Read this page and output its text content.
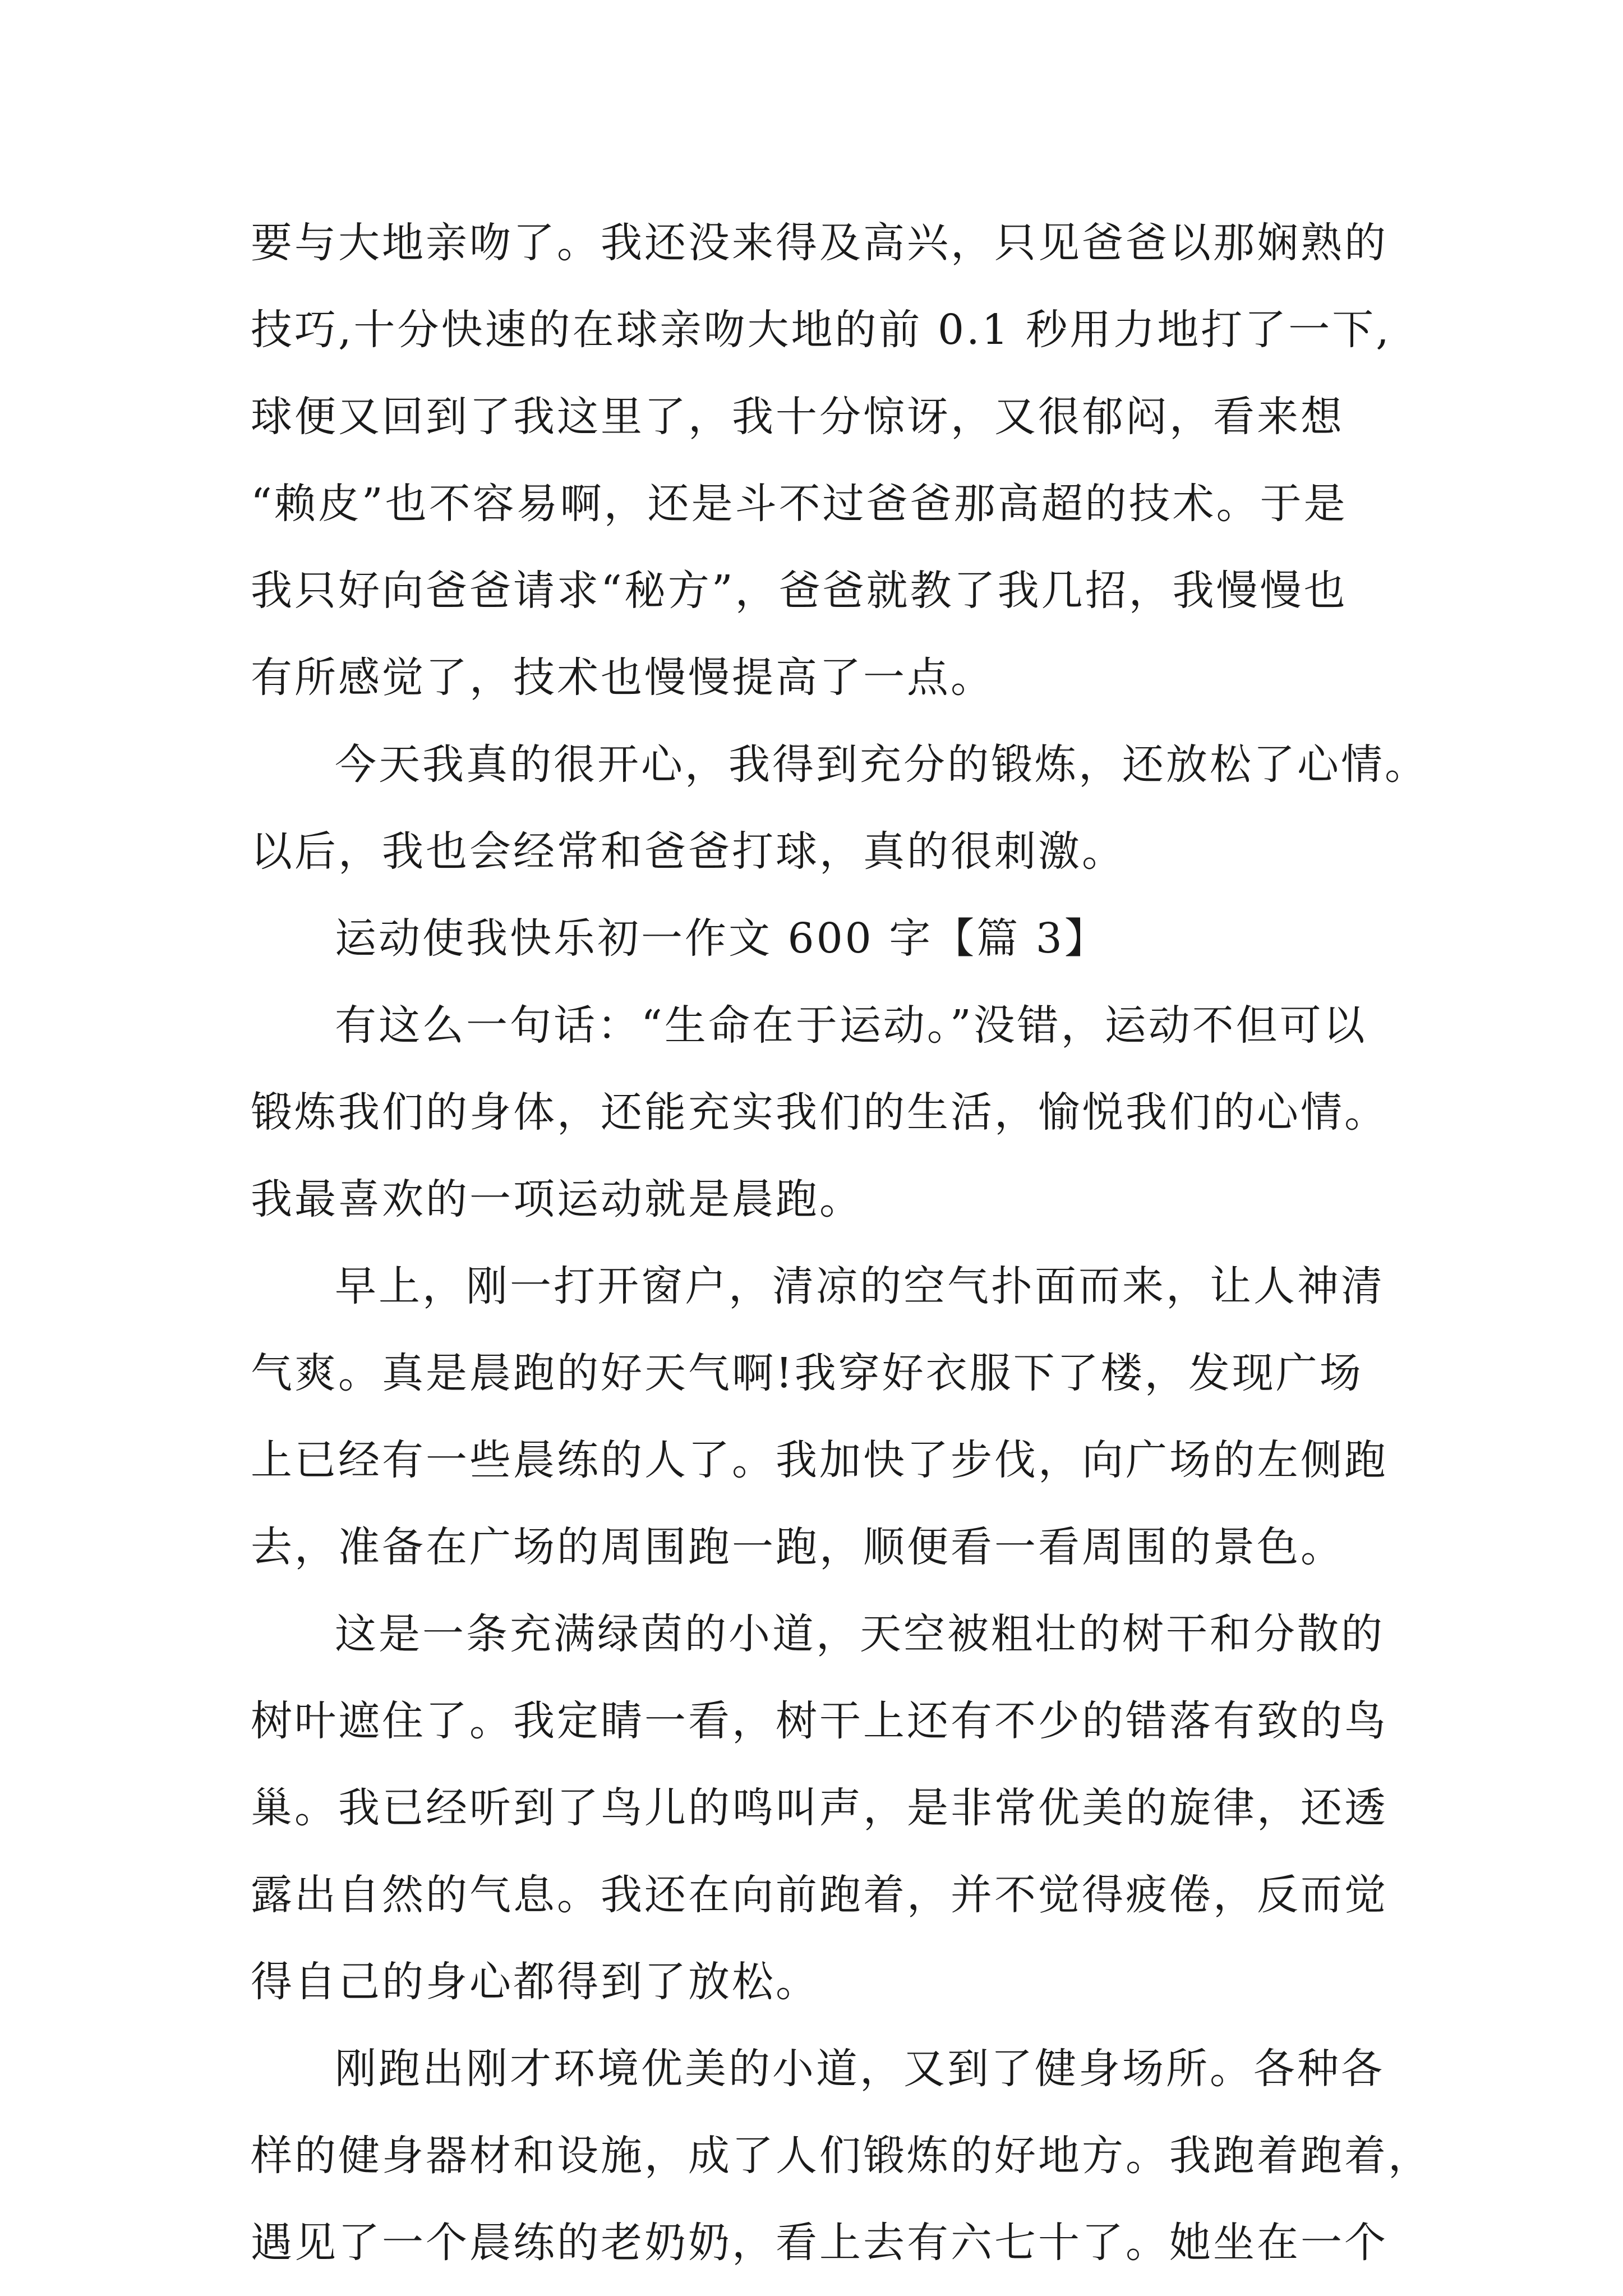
要与大地亲吻了。我还没来得及高兴，只见爸爸以那娴熟的
技巧,十分快速的在球亲吻大地的前 0.1 秒用力地打了一下,
球便又回到了我这里了，我十分惊讶，又很郁闷，看来想
“赖皮”也不容易啊，还是斗不过爸爸那高超的技术。于是
我只好向爸爸请求“秘方”，爸爸就教了我几招，我慢慢也
有所感觉了，技术也慢慢提高了一点。
今天我真的很开心，我得到充分的锻炼，还放松了心情。
以后，我也会经常和爸爸打球，真的很刺激。
运动使我快乐初一作文 600 字【篇 3】
有这么一句话：“生命在于运动。”没错，运动不但可以
锻炼我们的身体，还能充实我们的生活，愉悦我们的心情。
我最喜欢的一项运动就是晨跑。
早上，刚一打开窗户，清凉的空气扑面而来，让人神清
气爽。真是晨跑的好天气啊!我穿好衣服下了楼，发现广场
上已经有一些晨练的人了。我加快了步伐，向广场的左侧跑
去，准备在广场的周围跑一跑，顺便看一看周围的景色。
这是一条充满绿茵的小道，天空被粗壮的树干和分散的
树叶遮住了。我定睛一看，树干上还有不少的错落有致的鸟
巢。我已经听到了鸟儿的鸣叫声，是非常优美的旋律，还透
露出自然的气息。我还在向前跑着，并不觉得疲倦，反而觉
得自己的身心都得到了放松。
刚跑出刚才环境优美的小道，又到了健身场所。各种各
样的健身器材和设施，成了人们锻炼的好地方。我跑着跑着，
遇见了一个晨练的老奶奶，看上去有六七十了。她坐在一个
